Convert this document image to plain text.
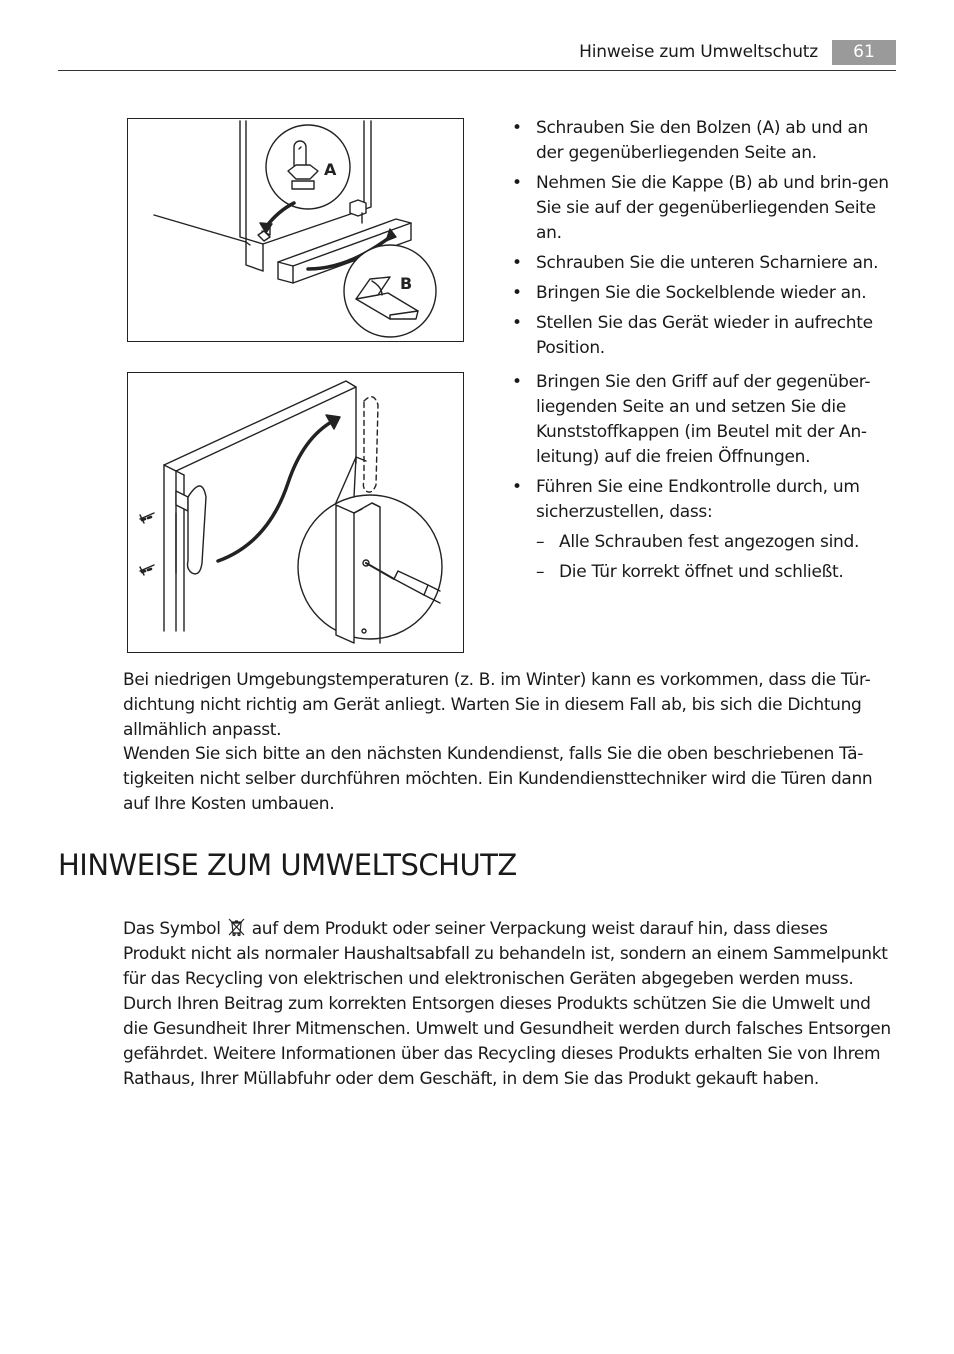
Hinweise zum Umweltschutz	61
A
B
• Schrauben Sie den Bolzen (A) ab und an der gegenüberliegenden Seite an.
• Nehmen Sie die Kappe (B) ab und brin-gen Sie sie auf der gegenüberliegenden Seite an.
• Schrauben Sie die unteren Scharniere an.
• Bringen Sie die Sockelblende wieder an.
• Stellen Sie das Gerät wieder in aufrechte Position.
• Bringen Sie den Griff auf der gegenüber-liegenden Seite an und setzen Sie die Kunststoffkappen (im Beutel mit der An-leitung) auf die freien Öffnungen.
• Führen Sie eine Endkontrolle durch, um sicherzustellen, dass:
– Alle Schrauben fest angezogen sind.
– Die Tür korrekt öffnet und schließt.

Bei niedrigen Umgebungstemperaturen (z. B. im Winter) kann es vorkommen, dass die Tür-dichtung nicht richtig am Gerät anliegt. Warten Sie in diesem Fall ab, bis sich die Dichtung allmählich anpasst.

Wenden Sie sich bitte an den nächsten Kundendienst, falls Sie die oben beschriebenen Tä-tigkeiten nicht selber durchführen möchten. Ein Kundendiensttechniker wird die Türen dann auf Ihre Kosten umbauen.

HINWEISE ZUM UMWELTSCHUTZ

Das Symbol auf dem Produkt oder seiner Verpackung weist darauf hin, dass dieses Produkt nicht als normaler Haushaltsabfall zu behandeln ist, sondern an einem Sammelpunkt für das Recycling von elektrischen und elektronischen Geräten abgegeben werden muss. Durch Ihren Beitrag zum korrekten Entsorgen dieses Produkts schützen Sie die Umwelt und die Gesundheit Ihrer Mitmenschen. Umwelt und Gesundheit werden durch falsches Entsorgen gefährdet. Weitere Informationen über das Recycling dieses Produkts erhalten Sie von Ihrem Rathaus, Ihrer Müllabfuhr oder dem Geschäft, in dem Sie das Produkt gekauft haben.
